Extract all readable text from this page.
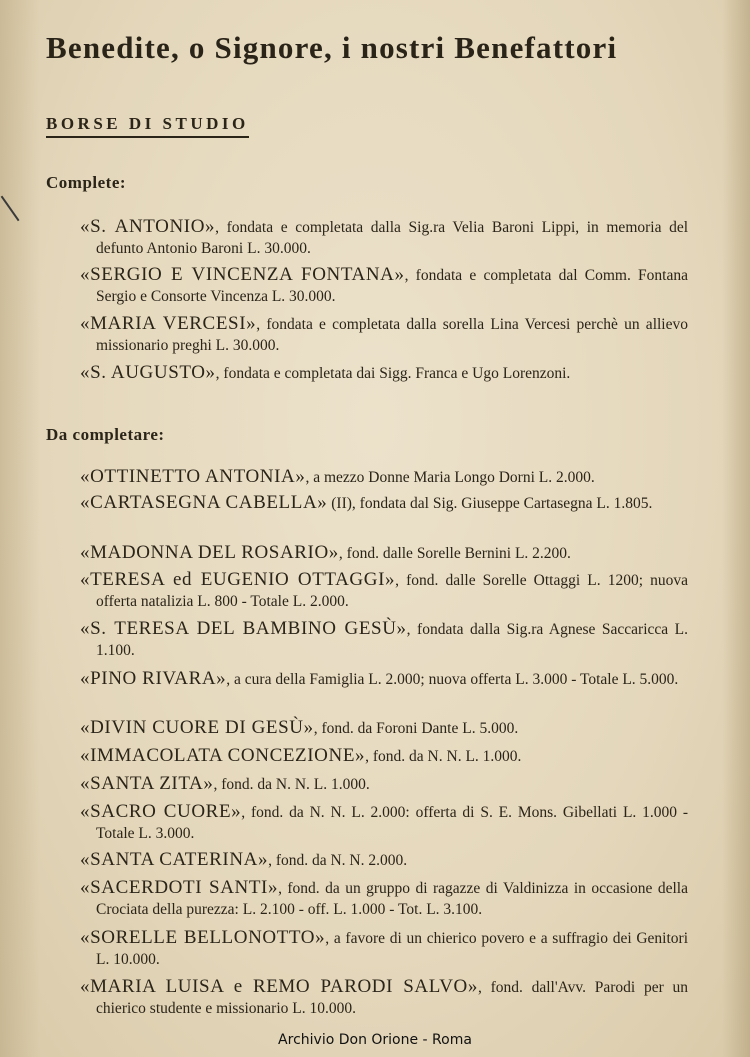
Benedite, o Signore, i nostri Benefattori
BORSE DI STUDIO
Complete:
«S. ANTONIO», fondata e completata dalla Sig.ra Velia Baroni Lippi, in memoria del defunto Antonio Baroni L. 30.000.
«SERGIO E VINCENZA FONTANA», fondata e completata dal Comm. Fontana Sergio e Consorte Vincenza L. 30.000.
«MARIA VERCESI», fondata e completata dalla sorella Lina Vercesi perchè un allievo missionario preghi L. 30.000.
«S. AUGUSTO», fondata e completata dai Sigg. Franca e Ugo Lorenzoni.
Da completare:
«OTTINETTO ANTONIA», a mezzo Donne Maria Longo Dorni L. 2.000.
«CARTASEGNA CABELLA» (II), fondata dal Sig. Giuseppe Cartasegna L. 1.805.
«MADONNA DEL ROSARIO», fond. dalle Sorelle Bernini L. 2.200.
«TERESA ed EUGENIO OTTAGGI», fond. dalle Sorelle Ottaggi L. 1200; nuova offerta natalizia L. 800 - Totale L. 2.000.
«S. TERESA DEL BAMBINO GESÙ», fondata dalla Sig.ra Agnese Saccaricca L. 1.100.
«PINO RIVARA», a cura della Famiglia L. 2.000; nuova offerta L. 3.000 - Totale L. 5.000.
«DIVIN CUORE DI GESÙ», fond. da Foroni Dante L. 5.000.
«IMMACOLATA CONCEZIONE», fond. da N. N. L. 1.000.
«SANTA ZITA», fond. da N. N. L. 1.000.
«SACRO CUORE», fond. da N. N. L. 2.000: offerta di S. E. Mons. Gibellati L. 1.000 - Totale L. 3.000.
«SANTA CATERINA», fond. da N. N. 2.000.
«SACERDOTI SANTI», fond. da un gruppo di ragazze di Valdinizza in occasione della Crociata della purezza: L. 2.100 - off. L. 1.000 - Tot. L. 3.100.
«SORELLE BELLONOTTO», a favore di un chierico povero e a suffragio dei Genitori L. 10.000.
«MARIA LUISA e REMO PARODI SALVO», fond. dall'Avv. Parodi per un chierico studente e missionario L. 10.000.
Archivio Don Orione - Roma
